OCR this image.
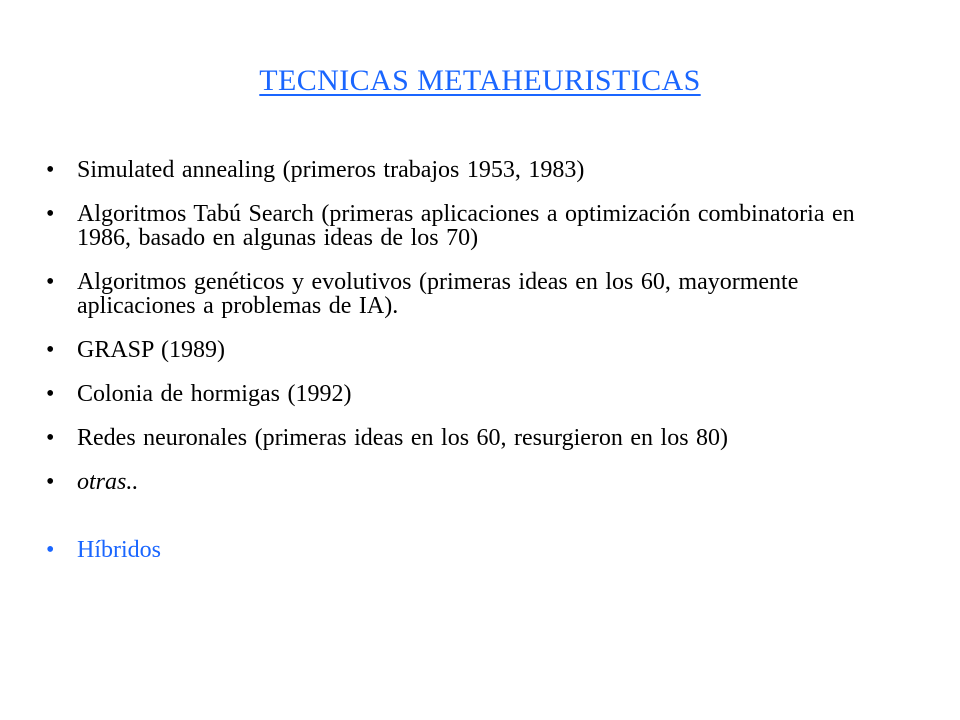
TECNICAS METAHEURISTICAS
• Simulated annealing (primeros trabajos 1953, 1983)
• Algoritmos Tabú Search (primeras aplicaciones a optimización combinatoria en 1986, basado en algunas ideas de los 70)
• Algoritmos genéticos y evolutivos (primeras ideas en los 60, mayormente aplicaciones a problemas de IA).
• GRASP (1989)
• Colonia de hormigas (1992)
• Redes neuronales (primeras ideas en los 60, resurgieron en los 80)
• otras..
• Híbridos
